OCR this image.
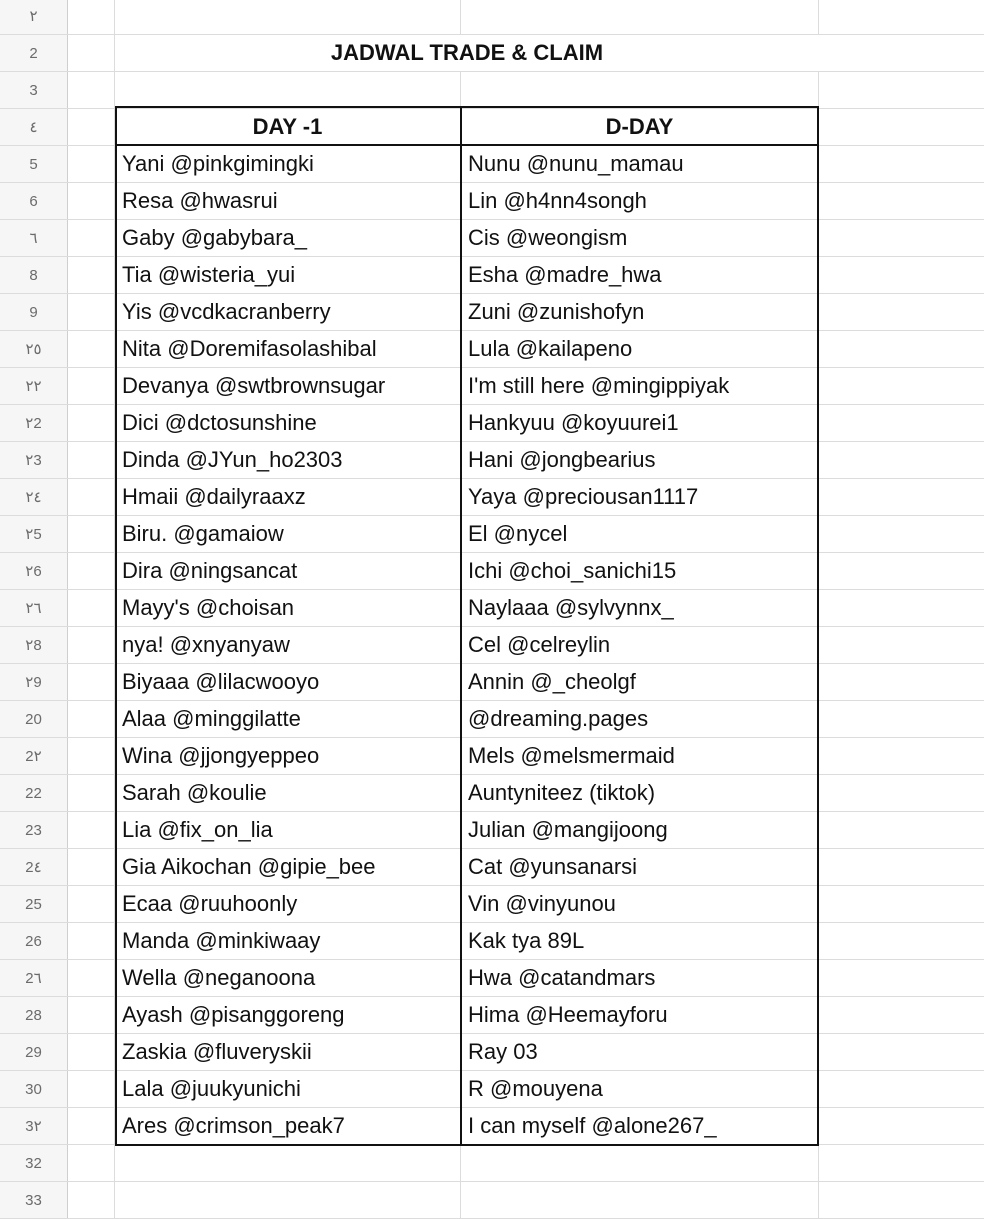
٢
2	JADWAL TRADE & CLAIM
3
٤	DAY -1	D-DAY
5	Yani @pinkgimingki	Nunu @nunu_mamau
6	Resa @hwasrui	Lin @h4nn4songh
٦	Gaby @gabybara_	Cis @weongism
8	Tia @wisteria_yui	Esha @madre_hwa
9	Yis @vcdkacranberry	Zuni @zunishofyn
٢٥	Nita @Doremifasolashibal	Lula @kailapeno
٢٢	Devanya @swtbrownsugar	I'm still here @mingippiyak
٢2	Dici @dctosunshine	Hankyuu @koyuurei1
٢3	Dinda @JYun_ho2303	Hani @jongbearius
٢٤	Hmaii @dailyraaxz	Yaya @preciousan1117
٢5	Biru. @gamaiow	El @nycel
٢6	Dira @ningsancat	Ichi @choi_sanichi15
٢٦	Mayy's @choisan	Naylaaa @sylvynnx_
٢8	nya! @xnyanyaw	Cel @celreylin
٢9	Biyaaa @lilacwooyo	Annin @_cheolgf
20	Alaa @minggilatte	@dreaming.pages
2٢	Wina @jjongyeppeo	Mels @melsmermaid
22	Sarah @koulie	Auntyniteez (tiktok)
23	Lia @fix_on_lia	Julian @mangijoong
2٤	Gia Aikochan @gipie_bee	Cat @yunsanarsi
25	Ecaa @ruuhoonly	Vin @vinyunou
26	Manda @minkiwaay	Kak tya 89L
2٦	Wella @neganoona	Hwa @catandmars
28	Ayash @pisanggoreng	Hima @Heemayforu
29	Zaskia @fluveryskii	Ray 03
30	Lala @juukyunichi	R @mouyena
3٢	Ares @crimson_peak7	I can myself @alone267_
32
33
